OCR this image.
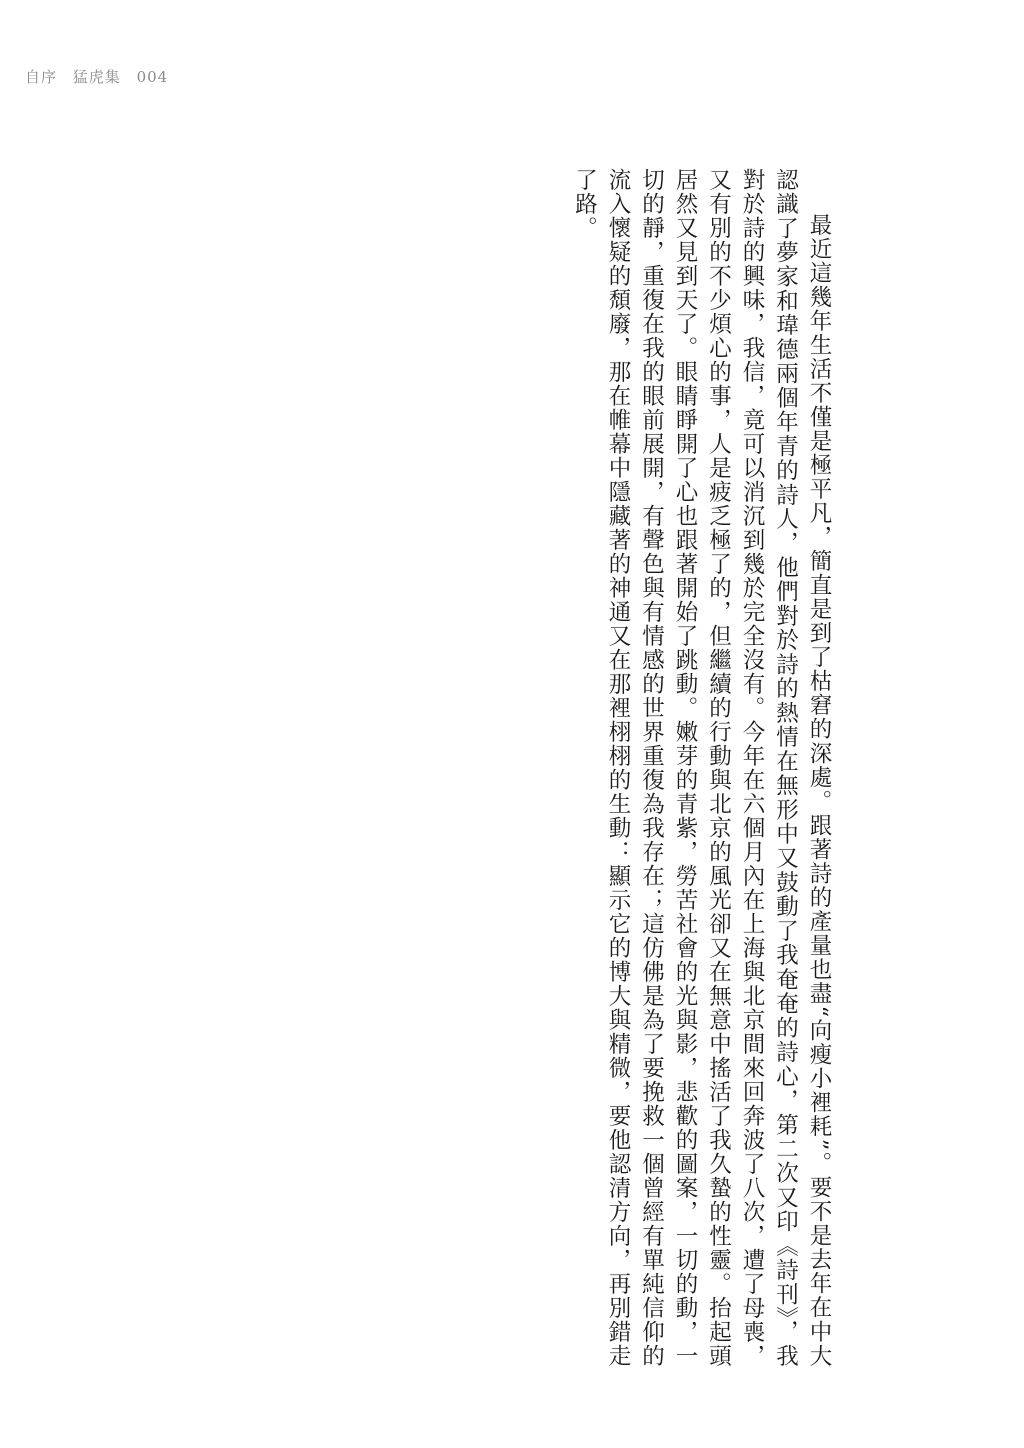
自序 猛虎集 004

最近這幾年生活不僅是極平凡，簡直是到了枯窘的深處。跟著詩的產量也盡“向瘦小裡耗”。要不是去年在中大認識了夢家和瑋德兩個年青的詩人，他們對於詩的熱情在無形中又鼓動了我奄奄的詩心，第二次又印《詩刊》，我對於詩的興味，我信，竟可以消沉到幾於完全沒有。今年在六個月內在上海與北京間來回奔波了八次，遭了母喪，又有別的不少煩心的事，人是疲乏極了的，但繼續的行動與北京的風光卻又在無意中搖活了我久蟄的性靈。抬起頭居然又見到天了。眼睛睜開了心也跟著開始了跳動。嫩芽的青紫，勞苦社會的光與影，悲歡的圖案，一切的動，一切的靜，重復在我的眼前展開，有聲色與有情感的世界重復為我存在；這仿佛是為了要挽救一個曾經有單純信仰的流入懷疑的頹廢，那在帷幕中隱藏著的神通又在那裡栩栩的生動：顯示它的博大與精微，要他認清方向，再別錯走了路。
